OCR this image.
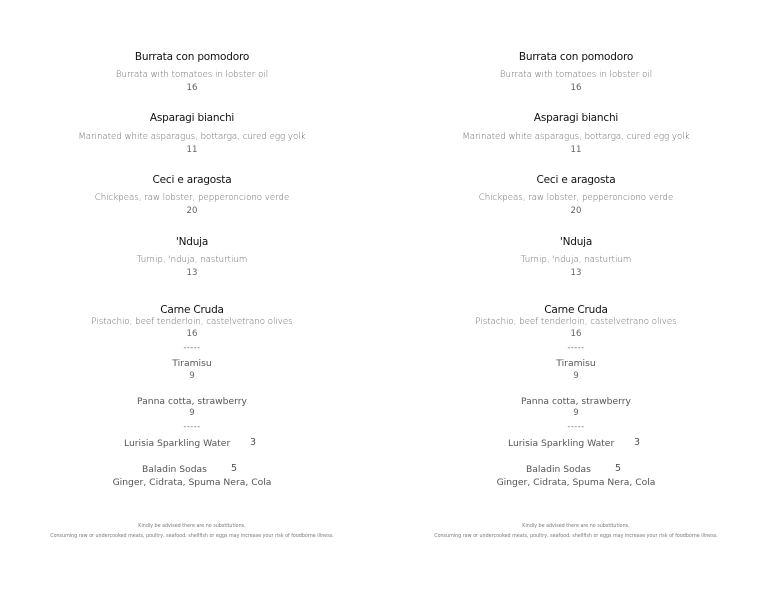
Burrata con pomodoro
Burrata with tomatoes in lobster oil
16
Asparagi bianchi
Marinated white asparagus, bottarga, cured egg yolk
11
Ceci e aragosta
Chickpeas, raw lobster, pepperonciono verde
20
'Nduja
Turnip, 'nduja, nasturtium
13
Carne Cruda
Pistachio, beef tenderloin, castelvetrano olives
16
-----
Tiramisu
9
Panna cotta, strawberry
9
-----
Lurisia Sparkling Water 3
Baladin Sodas	5
Ginger, Cidrata, Spuma Nera, Cola
Kindly be advised there are no substitutions.
Consuming raw or undercooked meats, poultry, seafood, shellfish or eggs may increase your risk of foodborne illness.
Burrata con pomodoro
Burrata with tomatoes in lobster oil
16
Asparagi bianchi
Marinated white asparagus, bottarga, cured egg yolk
11
Ceci e aragosta
Chickpeas, raw lobster, pepperonciono verde
20
'Nduja
Turnip, 'nduja, nasturtium
13
Carne Cruda
Pistachio, beef tenderloin, castelvetrano olives
16
-----
Tiramisu
9
Panna cotta, strawberry
9
-----
Lurisia Sparkling Water 3
Baladin Sodas	5
Ginger, Cidrata, Spuma Nera, Cola
Kindly be advised there are no substitutions.
Consuming raw or undercooked meats, poultry, seafood, shellfish or eggs may increase your risk of foodborne illness.
